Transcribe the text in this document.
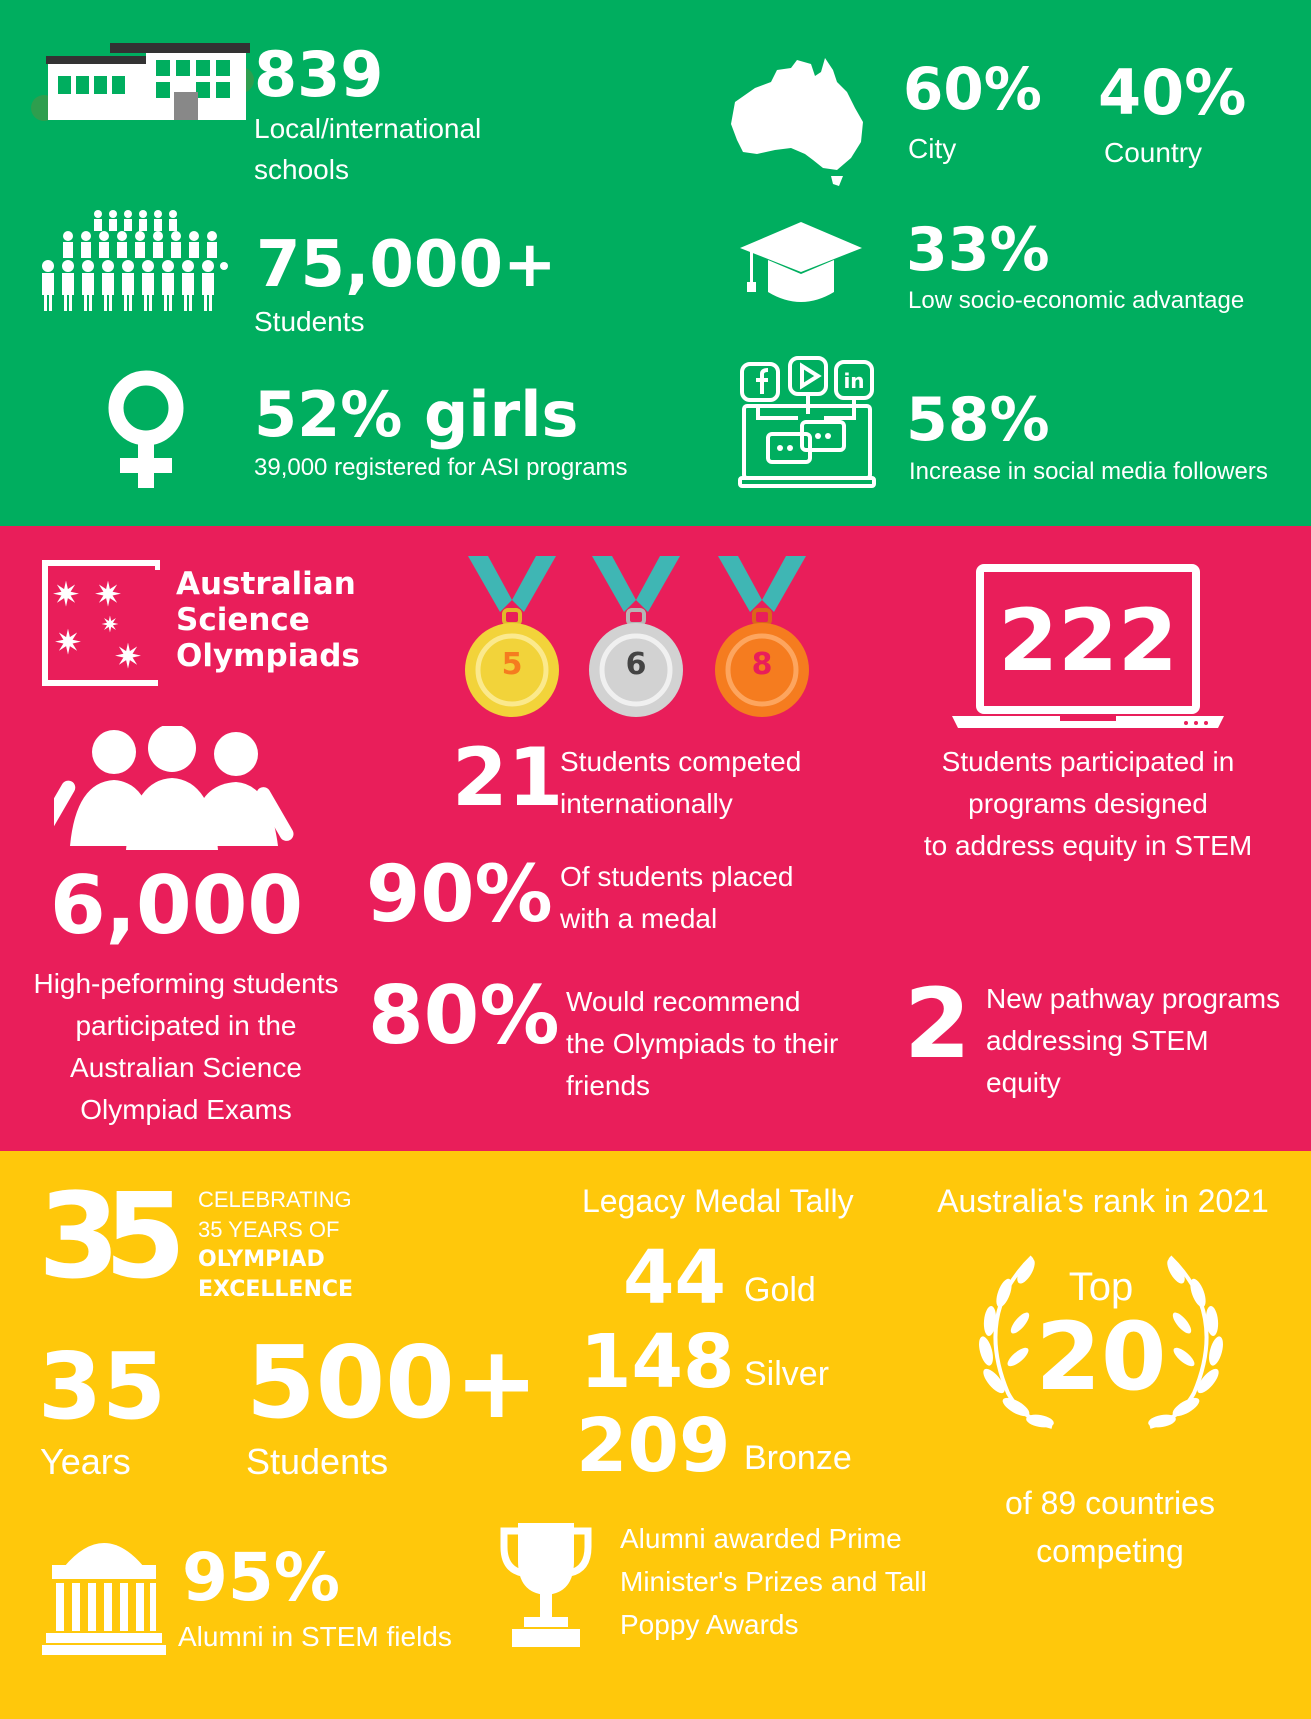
839
Local/international schools
60%
City
40%
Country
75,000+
Students
33%
Low socio-economic advantage
52% girls
39,000 registered for ASI programs
in
58%
Increase in social media followers
✷ ✷
✷
✷ ✷
Australian
Science
Olympiads	5	6	8	222
Students participated in
programs designed
to address equity in STEM
6,000
High-peforming students participated in the Australian Science Olympiad Exams
21
Students competed internationally
90% Of students placed with a medal
80% Would recommend the Olympiads to their friends
2 New pathway programs addressing STEM equity
35 CELEBRATING
35 YEARS OF
OLYMPIAD
EXCELLENCE
35
Years
500+
Students
95%
Alumni in STEM fields
Legacy Medal Tally
44 Gold
148 Silver
209 Bronze
Alumni awarded Prime Minister's Prizes and Tall Poppy Awards
Australia's rank in 2021
Top
20
of 89 countries competing
